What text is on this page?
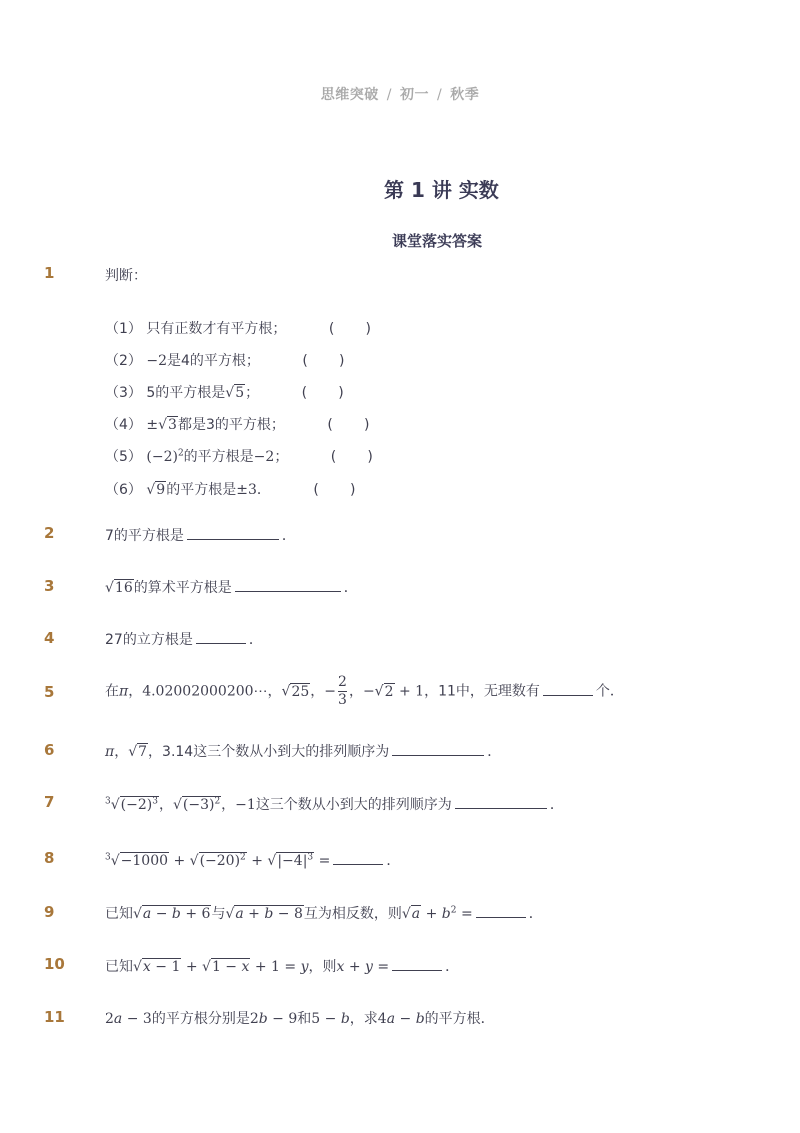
思维突破 / 初一 / 秋季
第 1 讲 实数
课堂落实答案
1	判断：
（1） 只有正数才有平方根；	(       )
（2） −2是4的平方根；	(       )
（3） 5的平方根是√5；	(       )
（4） ±√3都是3的平方根；	(       )
（5） $(-2)^2$的平方根是−2；	(       )
（6） √9的平方根是±3．	(       )
2	7的平方根是	．
3	√16的算术平方根是	．
4	27的立方根是	．
5	在π，4.02002000200⋯，√25，− $\frac{2}{3}$ ，−√2 + 1，11中，无理数有	个．
6	π，√7，3.14这三个数从小到大的排列顺序为	．
7	$^3√(-2)^3$，$√(-3)^2$，−1这三个数从小到大的排列顺序为	．
8	$^3√-1000 + √(-20)^2 + √|-4|^3$ =	．
9	已知√a − b + 6与√a + b − 8互为相反数，则$√a + b^2$ =	．
10	已知√x − 1 + √1 − x + 1 = y，则x + y =	．
11	2a − 3的平方根分别是2b − 9和5 − b，求4a − b的平方根．
